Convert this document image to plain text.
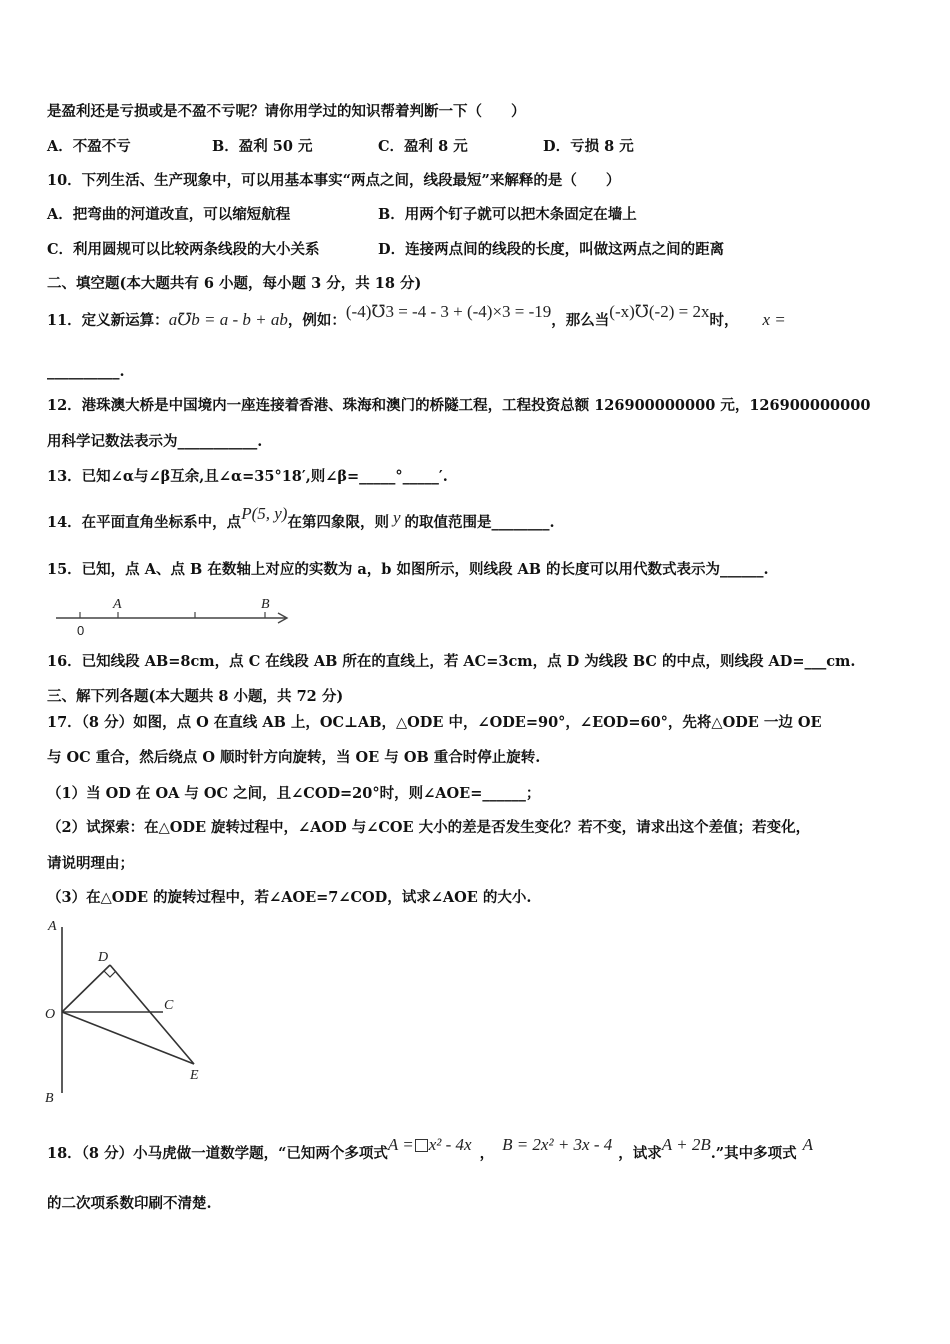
是盈利还是亏损或是不盈不亏呢？请你用学过的知识帮着判断一下（　　）
A．不盈不亏	B．盈利 50 元	C．盈利 8 元	D．亏损 8 元
10．下列生活、生产现象中，可以用基本事实“两点之间，线段最短”来解释的是（　　）
A．把弯曲的河道改直，可以缩短航程	B．用两个钉子就可以把木条固定在墙上
C．利用圆规可以比较两条线段的大小关系	D．连接两点间的线段的长度，叫做这两点之间的距离
二、填空题(本大题共有 6 小题，每小题 3 分，共 18 分)
11．定义新运算：a℧b = a - b + ab，例如：(-4)℧3 = -4 - 3 + (-4)×3 = -19，那么当(-x)℧(-2) = 2x时， x =
__________.
12．港珠澳大桥是中国境内一座连接着香港、珠海和澳门的桥隧工程，工程投资总额 126900000000 元，126900000000
用科学记数法表示为___________.
13．已知∠α与∠β互余,且∠α=35°18′,则∠β=_____°_____′.
14．在平面直角坐标系中，点P(5, y)在第四象限，则 y 的取值范围是________.
15．已知，点 A、点 B 在数轴上对应的实数为 a，b 如图所示，则线段 AB 的长度可以用代数式表示为______.
A	B
0
16．已知线段 AB=8cm，点 C 在线段 AB 所在的直线上，若 AC=3cm，点 D 为线段 BC 的中点，则线段 AD=___cm.
三、解下列各题(本大题共 8 小题，共 72 分)
17．（8 分）如图，点 O 在直线 AB 上，OC⊥AB，△ODE 中，∠ODE=90°，∠EOD=60°，先将△ODE 一边 OE
与 OC 重合，然后绕点 O 顺时针方向旋转，当 OE 与 OB 重合时停止旋转.
（1）当 OD 在 OA 与 OC 之间，且∠COD=20°时，则∠AOE=______；
（2）试探索：在△ODE 旋转过程中，∠AOD 与∠COE 大小的差是否发生变化？若不变，请求出这个差值；若变化，
请说明理由；
（3）在△ODE 的旋转过程中，若∠AOE=7∠COD，试求∠AOE 的大小.
A
B
O
C
D
E
18．（8 分）小马虎做一道数学题，“已知两个多项式A = x² - 4x ， B = 2x² + 3x - 4 ，试求A + 2B.”其中多项式 A
的二次项系数印刷不清楚.
